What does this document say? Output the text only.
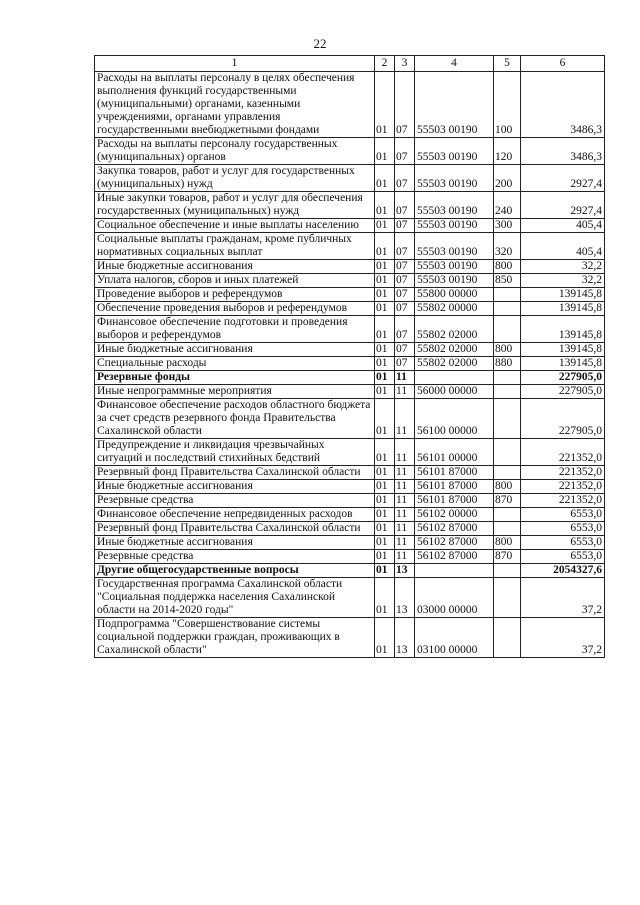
22
1	2	3	4	5	6
Расходы на выплаты персоналу в целях обеспечения выполнения функций государственными (муниципальными) органами, казенными учреждениями, органами управления государственными внебюджетными фондами	01	07	55503 00190	100	3486,3
Расходы на выплаты персоналу государственных (муниципальных) органов	01	07	55503 00190	120	3486,3
Закупка товаров, работ и услуг для государственных (муниципальных) нужд	01	07	55503 00190	200	2927,4
Иные закупки товаров, работ и услуг для обеспечения государственных (муниципальных) нужд	01	07	55503 00190	240	2927,4
Социальное обеспечение и иные выплаты населению	01	07	55503 00190	300	405,4
Социальные выплаты гражданам, кроме публичных нормативных социальных выплат	01	07	55503 00190	320	405,4
Иные бюджетные ассигнования	01	07	55503 00190	800	32,2
Уплата налогов, сборов и иных платежей	01	07	55503 00190	850	32,2
Проведение выборов и референдумов	01	07	55800 00000		139145,8
Обеспечение проведения выборов и референдумов	01	07	55802 00000		139145,8
Финансовое обеспечение подготовки и проведения выборов и референдумов	01	07	55802 02000		139145,8
Иные бюджетные ассигнования	01	07	55802 02000	800	139145,8
Специальные расходы	01	07	55802 02000	880	139145,8
Резервные фонды	01	11			227905,0
Иные непрограммные мероприятия	01	11	56000 00000		227905,0
Финансовое обеспечение расходов областного бюджета за счет средств резервного фонда Правительства Сахалинской области	01	11	56100 00000		227905,0
Предупреждение и ликвидация чрезвычайных ситуаций и последствий стихийных бедствий	01	11	56101 00000		221352,0
Резервный фонд Правительства Сахалинской области	01	11	56101 87000		221352,0
Иные бюджетные ассигнования	01	11	56101 87000	800	221352,0
Резервные средства	01	11	56101 87000	870	221352,0
Финансовое обеспечение непредвиденных расходов	01	11	56102 00000		6553,0
Резервный фонд Правительства Сахалинской области	01	11	56102 87000		6553,0
Иные бюджетные ассигнования	01	11	56102 87000	800	6553,0
Резервные средства	01	11	56102 87000	870	6553,0
Другие общегосударственные вопросы	01	13			2054327,6
Государственная программа Сахалинской области "Социальная поддержка населения Сахалинской области на 2014-2020 годы"	01	13	03000 00000		37,2
Подпрограмма "Совершенствование системы социальной поддержки граждан, проживающих в Сахалинской области"	01	13	03100 00000		37,2
